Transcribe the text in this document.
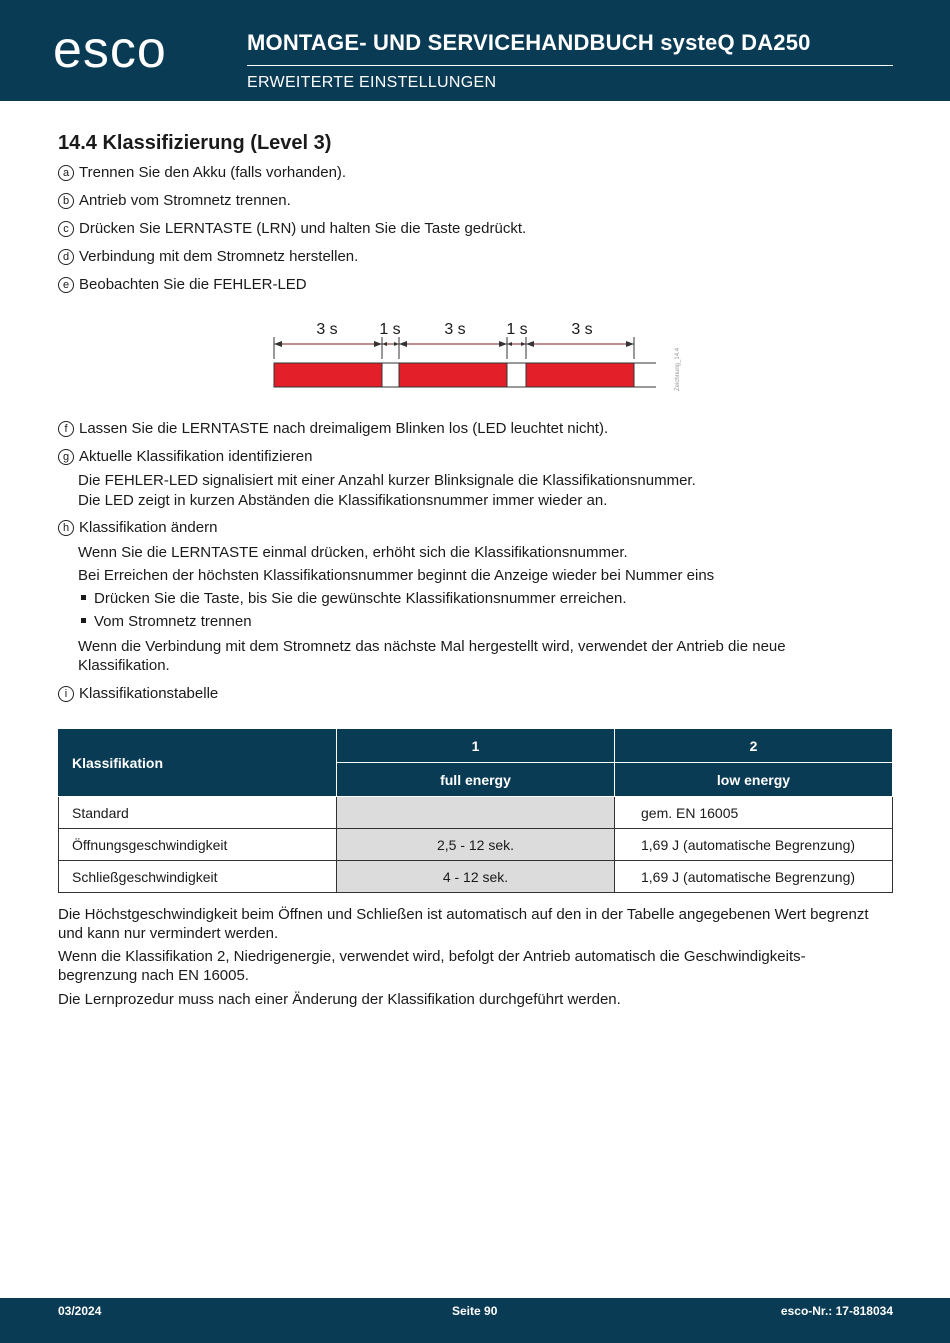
esco	MONTAGE- UND SERVICEHANDBUCH systeQ DA250
ERWEITERTE EINSTELLUNGEN
14.4 Klassifizierung (Level 3)
a Trennen Sie den Akku (falls vorhanden).
b Antrieb vom Stromnetz trennen.
c Drücken Sie LERNTASTE (LRN) und halten Sie die Taste gedrückt.
d Verbindung mit dem Stromnetz herstellen.
e Beobachten Sie die FEHLER-LED
3 s	1 s	3 s	1 s	3 s
Zeichnung_14.4
f Lassen Sie die LERNTASTE nach dreimaligem Blinken los (LED leuchtet nicht).
g Aktuelle Klassifikation identifizieren
Die FEHLER-LED signalisiert mit einer Anzahl kurzer Blinksignale die Klassifikationsnummer.
Die LED zeigt in kurzen Abständen die Klassifikationsnummer immer wieder an.
h Klassifikation ändern
Wenn Sie die LERNTASTE einmal drücken, erhöht sich die Klassifikationsnummer.
Bei Erreichen der höchsten Klassifikationsnummer beginnt die Anzeige wieder bei Nummer eins
Drücken Sie die Taste, bis Sie die gewünschte Klassifikationsnummer erreichen.
Vom Stromnetz trennen
Wenn die Verbindung mit dem Stromnetz das nächste Mal hergestellt wird, verwendet der Antrieb die neue Klassifikation.
i Klassifikationstabelle
Klassifikation	1	2
	full energy	low energy
Standard		gem. EN 16005
Öffnungsgeschwindigkeit	2,5 - 12 sek.	1,69 J (automatische Begrenzung)
Schließgeschwindigkeit	4 - 12 sek.	1,69 J (automatische Begrenzung)
Die Höchstgeschwindigkeit beim Öffnen und Schließen ist automatisch auf den in der Tabelle angegebenen Wert begrenzt und kann nur vermindert werden.
Wenn die Klassifikation 2, Niedrigenergie, verwendet wird, befolgt der Antrieb automatisch die Geschwindigkeits-begrenzung nach EN 16005.
Die Lernprozedur muss nach einer Änderung der Klassifikation durchgeführt werden.
03/2024	Seite 90	esco-Nr.: 17-818034
